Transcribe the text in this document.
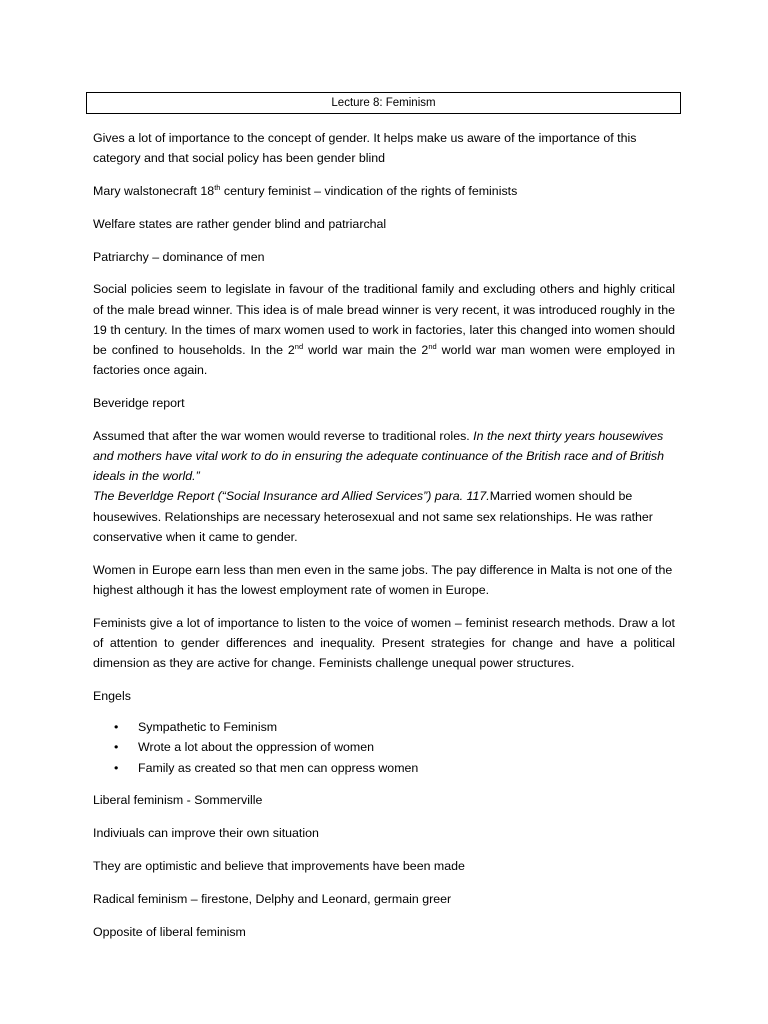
Lecture 8: Feminism

Gives a lot of importance to the concept of gender. It helps make us aware of the importance of this category and that social policy has been gender blind

Mary walstonecraft 18th century feminist – vindication of the rights of feminists

Welfare states are rather gender blind and patriarchal

Patriarchy – dominance of men

Social policies seem to legislate in favour of the traditional family and excluding others and highly critical of the male bread winner. This idea is of male bread winner is very recent, it was introduced roughly in the 19 th century. In the times of marx women used to work in factories, later this changed into women should be confined to households. In the 2nd world war main the 2nd world war man women were employed in factories once again.

Beveridge report

Assumed that after the war women would reverse to traditional roles. In the next thirty years housewives and mothers have vital work to do in ensuring the adequate continuance of the British race and of British ideals in the world.”
The Beverldge Report (“Social Insurance ard Allied Services”) para. 117.Married women should be housewives. Relationships are necessary heterosexual and not same sex relationships. He was rather conservative when it came to gender.

Women in Europe earn less than men even in the same jobs. The pay difference in Malta is not one of the highest although it has the lowest employment rate of women in Europe.

Feminists give a lot of importance to listen to the voice of women – feminist research methods. Draw a lot of attention to gender differences and inequality. Present strategies for change and have a political dimension as they are active for change. Feminists challenge unequal power structures.

Engels

• Sympathetic to Feminism
• Wrote a lot about the oppression of women
• Family as created so that men can oppress women

Liberal feminism - Sommerville

Indiviuals can improve their own situation

They are optimistic and believe that improvements have been made

Radical feminism – firestone, Delphy and Leonard, germain greer

Opposite of liberal feminism
